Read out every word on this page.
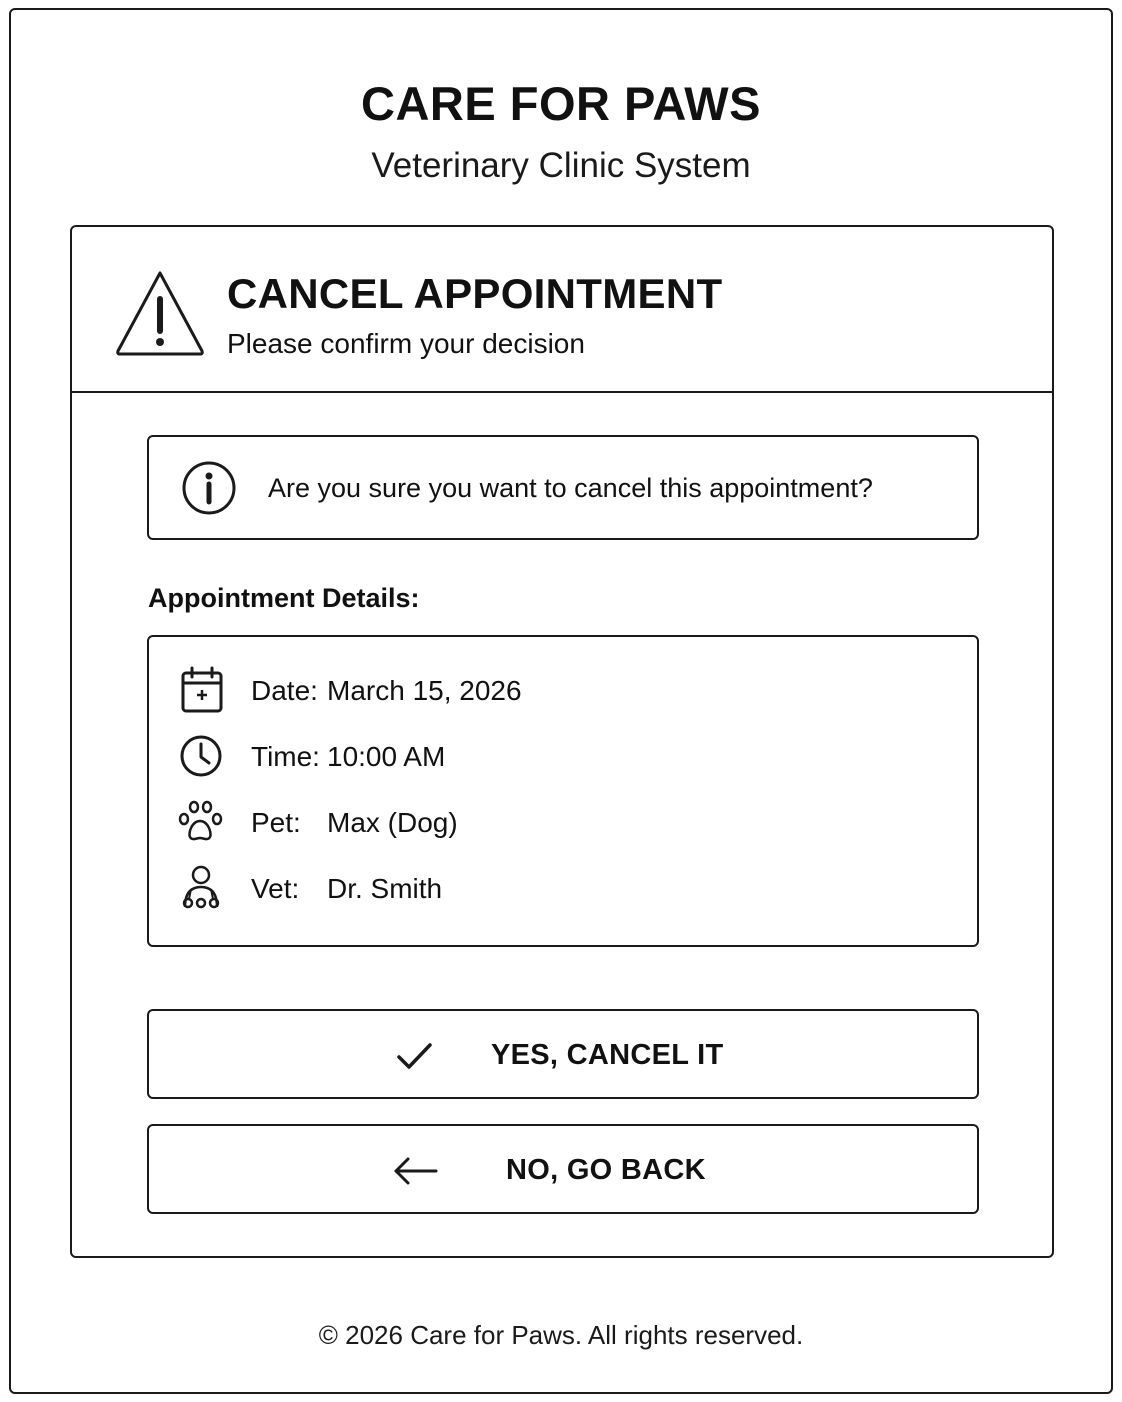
CARE FOR PAWS
Veterinary Clinic System
CANCEL APPOINTMENT
Please confirm your decision
Are you sure you want to cancel this appointment?
Appointment Details:
Date: March 15, 2026
Time: 10:00 AM
Pet: Max (Dog)
Vet: Dr. Smith
YES, CANCEL IT
NO, GO BACK
© 2026 Care for Paws. All rights reserved.
